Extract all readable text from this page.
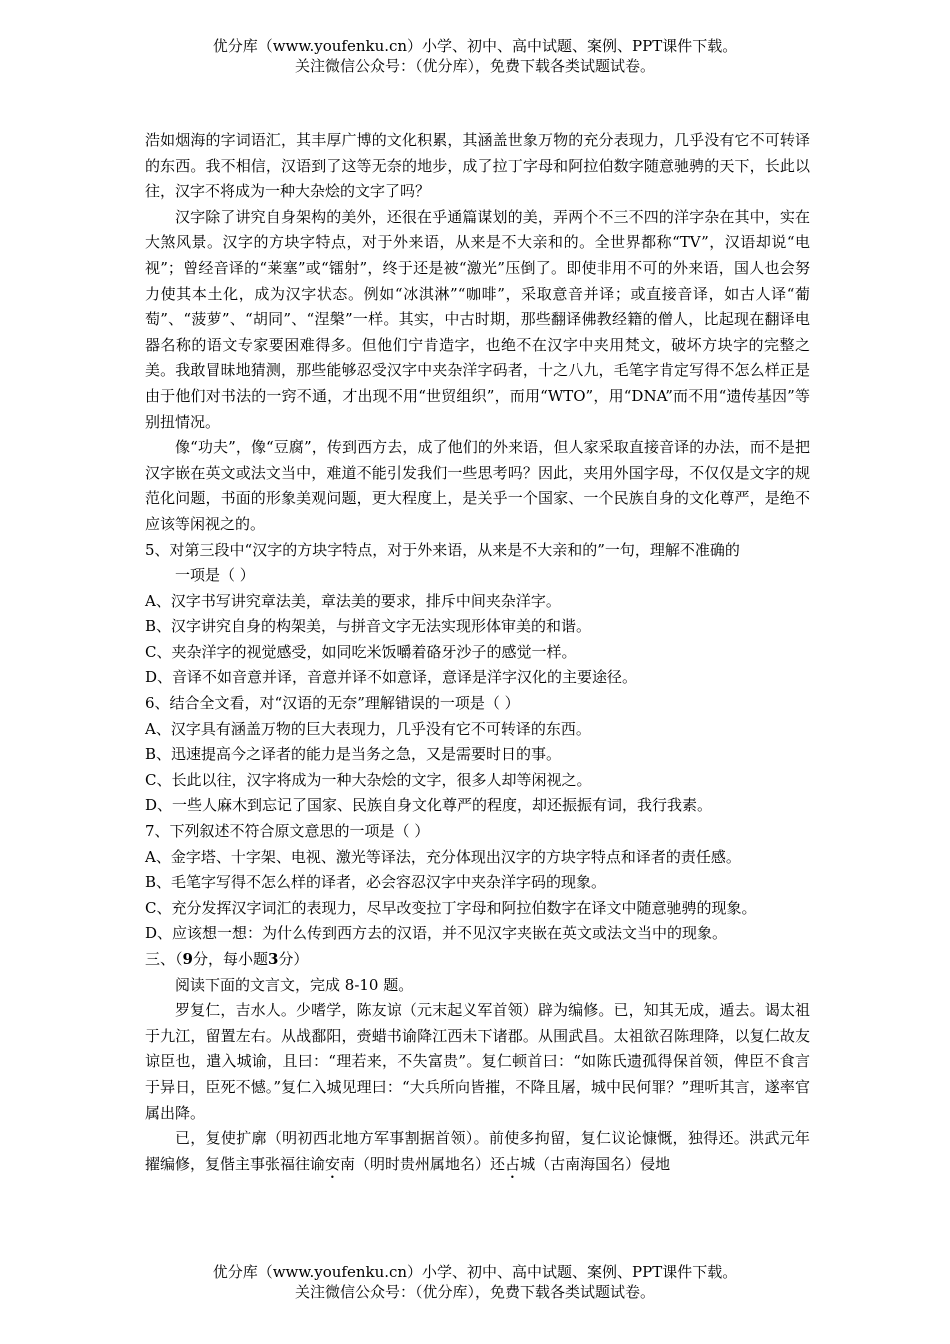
优分库（www.youfenku.cn）小学、初中、高中试题、案例、PPT课件下载。
关注微信公众号：（优分库），免费下载各类试题试卷。

浩如烟海的字词语汇，其丰厚广博的文化积累，其涵盖世象万物的充分表现力，几乎没有它不可转译的东西。我不相信，汉语到了这等无奈的地步，成了拉丁字母和阿拉伯数字随意驰骋的天下，长此以往，汉字不将成为一种大杂烩的文字了吗？

汉字除了讲究自身架构的美外，还很在乎通篇谋划的美，弄两个不三不四的洋字杂在其中，实在大煞风景。汉字的方块字特点，对于外来语，从来是不大亲和的。全世界都称“TV”，汉语却说“电视”；曾经音译的“莱塞”或“镭射”，终于还是被“激光”压倒了。即使非用不可的外来语，国人也会努力使其本土化，成为汉字状态。例如“冰淇淋”“咖啡”，采取意音并译；或直接音译，如古人译“葡萄”、“菠萝”、“胡同”、“涅槃”一样。其实，中古时期，那些翻译佛教经籍的僧人，比起现在翻译电器名称的语文专家要困难得多。但他们宁肯造字，也绝不在汉字中夹用梵文，破坏方块字的完整之美。我敢冒昧地猜测，那些能够忍受汉字中夹杂洋字码者，十之八九，毛笔字肯定写得不怎么样正是由于他们对书法的一窍不通，才出现不用“世贸组织”，而用“WTO”，用“DNA”而不用“遗传基因”等别扭情况。

像“功夫”，像“豆腐”，传到西方去，成了他们的外来语，但人家采取直接音译的办法，而不是把汉字嵌在英文或法文当中，难道不能引发我们一些思考吗？因此，夹用外国字母，不仅仅是文字的规范化问题，书面的形象美观问题，更大程度上，是关乎一个国家、一个民族自身的文化尊严，是绝不应该等闲视之的。

5、对第三段中“汉字的方块字特点，对于外来语，从来是不大亲和的”一句，理解不准确的

一项是（ ）

A、汉字书写讲究章法美，章法美的要求，排斥中间夹杂洋字。

B、汉字讲究自身的构架美，与拼音文字无法实现形体审美的和谐。

C、夹杂洋字的视觉感受，如同吃米饭嚼着硌牙沙子的感觉一样。

D、音译不如音意并译，音意并译不如意译，意译是洋字汉化的主要途径。

6、结合全文看，对“汉语的无奈”理解错误的一项是（ ）

A、汉字具有涵盖万物的巨大表现力，几乎没有它不可转译的东西。

B、迅速提高今之译者的能力是当务之急，又是需要时日的事。

C、长此以往，汉字将成为一种大杂烩的文字，很多人却等闲视之。

D、一些人麻木到忘记了国家、民族自身文化尊严的程度，却还振振有词，我行我素。

7、下列叙述不符合原文意思的一项是（ ）

A、金字塔、十字架、电视、激光等译法，充分体现出汉字的方块字特点和译者的责任感。

B、毛笔字写得不怎么样的译者，必会容忍汉字中夹杂洋字码的现象。

C、充分发挥汉字词汇的表现力，尽早改变拉丁字母和阿拉伯数字在译文中随意驰骋的现象。

D、应该想一想：为什么传到西方去的汉语，并不见汉字夹嵌在英文或法文当中的现象。

三、（9分，每小题3分）

阅读下面的文言文，完成 8-10 题。

罗复仁，吉水人。少嗜学，陈友谅（元末起义军首领）辟为编修。已，知其无成，遁去。谒太祖于九江，留置左右。从战鄱阳，赍蜡书谕降江西未下诸郡。从围武昌。太祖欲召陈理降，以复仁故友谅臣也，遣入城谕，且曰：“理若来，不失富贵”。复仁顿首曰：“如陈氏遗孤得保首领，俾臣不食言于异日，臣死不憾。”复仁入城见理曰：“大兵所向皆摧，不降且屠，城中民何罪？”理听其言，遂率官属出降。

已，复使扩廓（明初西北地方军事割据首领）。前使多拘留，复仁议论慷慨，独得还。洪武元年擢编修，复偕主事张福往谕安南（明时贵州属地名）还占城（古南海国名）侵地

优分库（www.youfenku.cn）小学、初中、高中试题、案例、PPT课件下载。
关注微信公众号：（优分库），免费下载各类试题试卷。
